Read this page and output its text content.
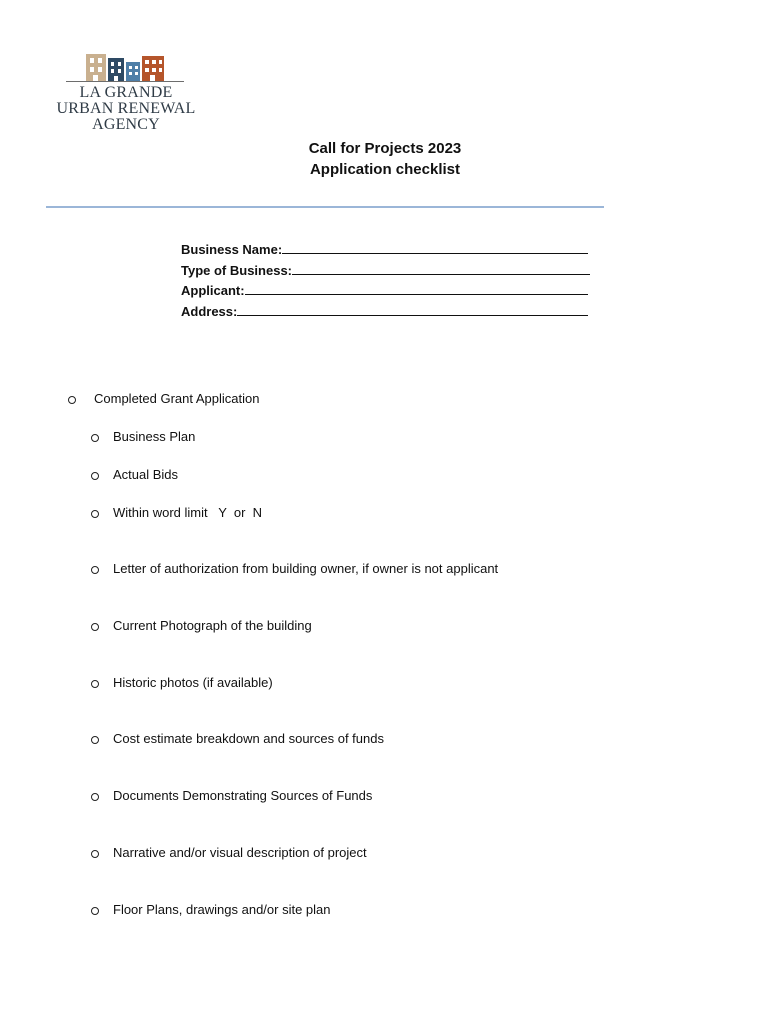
LA GRANDE
URBAN RENEWAL
AGENCY
Call for Projects 2023
Application checklist
Business Name:
Type of Business:
Applicant:
Address:
Completed Grant Application
Business Plan
Actual Bids
Within word limit   Y  or  N
Letter of authorization from building owner, if owner is not applicant
Current Photograph of the building
Historic photos (if available)
Cost estimate breakdown and sources of funds
Documents Demonstrating Sources of Funds
Narrative and/or visual description of project
Floor Plans, drawings and/or site plan
